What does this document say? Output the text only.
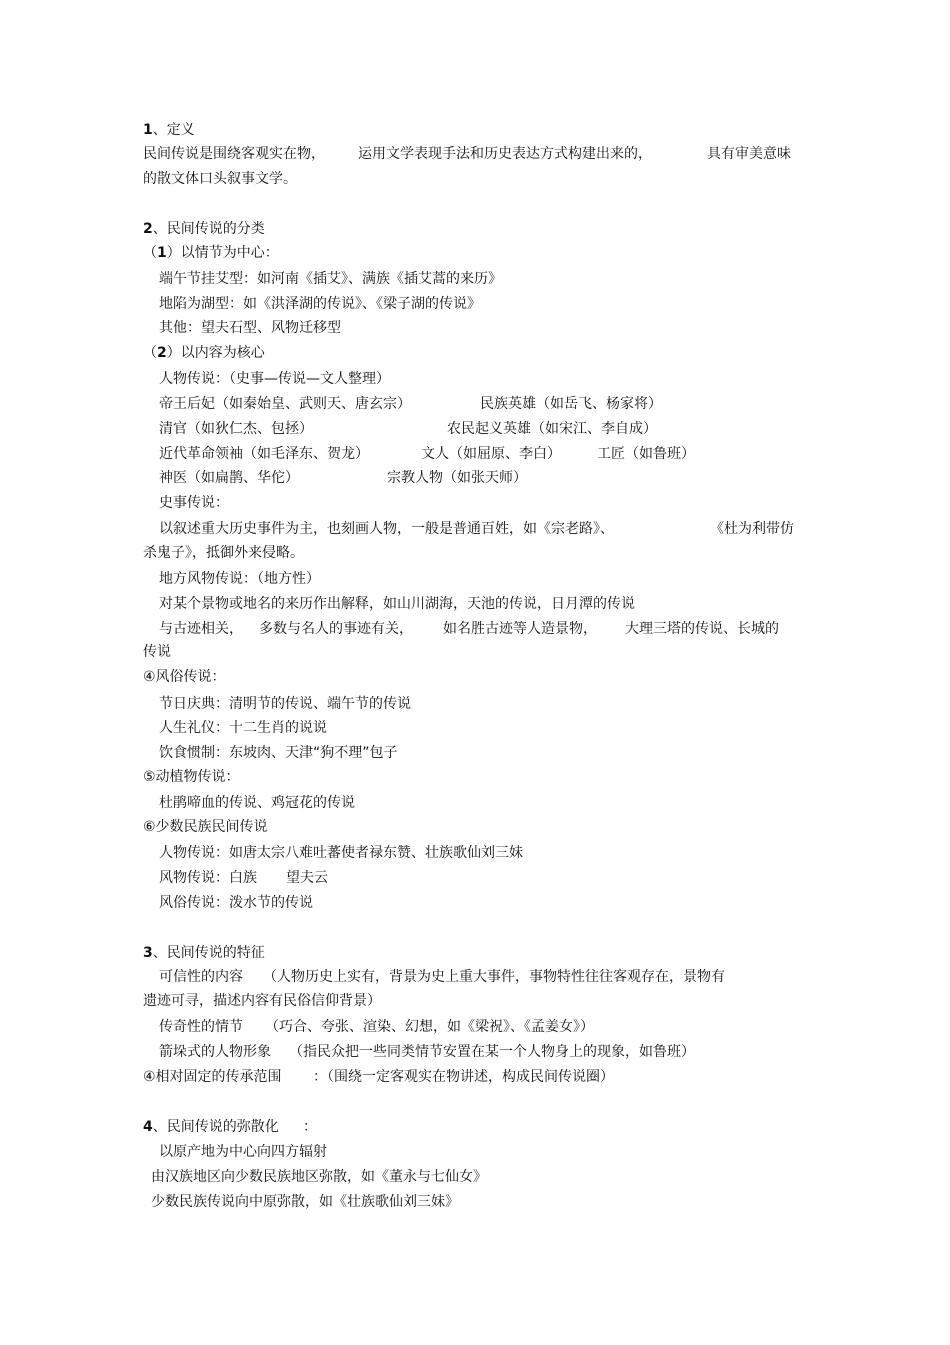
1、定义
民间传说是围绕客观实在物， 运用文学表现手法和历史表达方式构建出来的，	具有审美意味
的散文体口头叙事文学。
2、民间传说的分类
（1）以情节为中心：
端午节挂艾型：如河南《插艾》、满族《插艾蒿的来历》
地陷为湖型：如《洪泽湖的传说》、《梁子湖的传说》
其他：望夫石型、风物迁移型
（2）以内容为核心
人物传说：（史事—传说—文人整理）
帝王后妃（如秦始皇、武则天、唐玄宗）	民族英雄（如岳飞、杨家将）
清官（如狄仁杰、包拯）	农民起义英雄（如宋江、李自成）
近代革命领袖（如毛泽东、贺龙）	文人（如屈原、李白）	工匠（如鲁班）
神医（如扁鹊、华佗）	宗教人物（如张天师）
史事传说：
以叙述重大历史事件为主，也刻画人物，一般是普通百姓，如《宗老路》、	《杜为利带仿
杀鬼子》，抵御外来侵略。
地方风物传说：（地方性）
对某个景物或地名的来历作出解释，如山川湖海，天池的传说，日月潭的传说
与古迹相关， 多数与名人的事迹有关， 如名胜古迹等人造景物， 大理三塔的传说、长城的
传说
④风俗传说：
节日庆典：清明节的传说、端午节的传说
人生礼仪：十二生肖的说说
饮食惯制：东坡肉、天津“狗不理”包子
⑤动植物传说：
杜鹃啼血的传说、鸡冠花的传说
⑥少数民族民间传说
人物传说：如唐太宗八难吐蕃使者禄东赞、壮族歌仙刘三妹
风物传说：白族 望夫云
风俗传说：泼水节的传说
3、民间传说的特征
可信性的内容 （人物历史上实有，背景为史上重大事件，事物特性往往客观存在，景物有
遗迹可寻，描述内容有民俗信仰背景）
传奇性的情节 （巧合、夸张、渲染、幻想，如《梁祝》、《孟姜女》）
箭垛式的人物形象 （指民众把一些同类情节安置在某一个人物身上的现象，如鲁班）
④相对固定的传承范围 ：（围绕一定客观实在物讲述，构成民间传说圈）
4、民间传说的弥散化 ：
以原产地为中心向四方辐射
由汉族地区向少数民族地区弥散，如《董永与七仙女》
少数民族传说向中原弥散，如《壮族歌仙刘三妹》
